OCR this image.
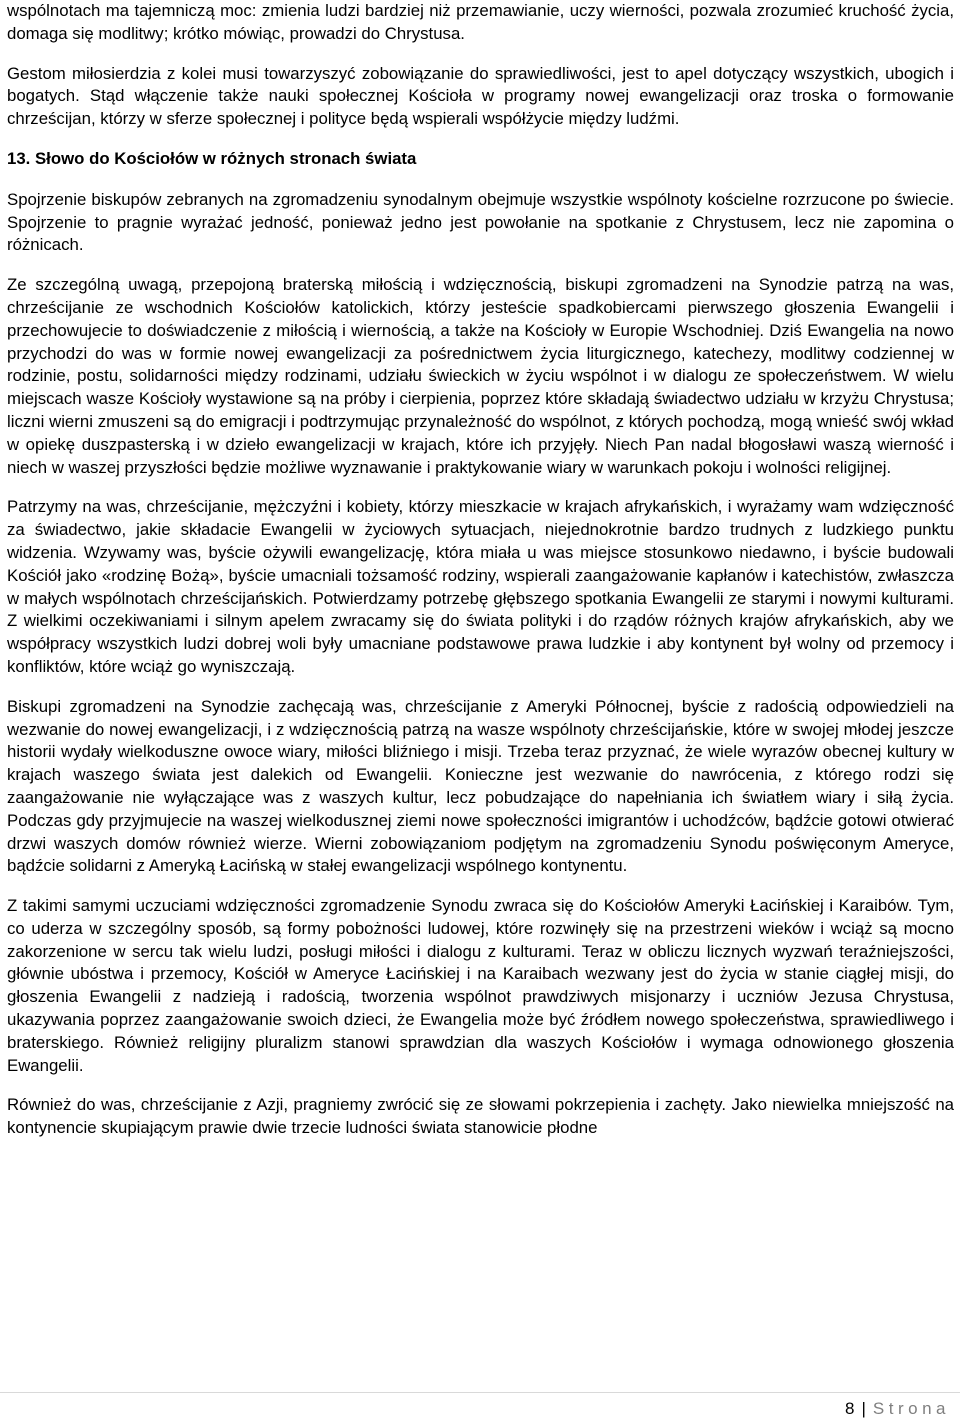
wspólnotach ma tajemniczą moc: zmienia ludzi bardziej niż przemawianie, uczy wierności, pozwala zrozumieć kruchość życia, domaga się modlitwy; krótko mówiąc, prowadzi do Chrystusa.

Gestom miłosierdzia z kolei musi towarzyszyć zobowiązanie do sprawiedliwości, jest to apel dotyczący wszystkich, ubogich i bogatych. Stąd włączenie także nauki społecznej Kościoła w programy nowej ewangelizacji oraz troska o formowanie chrześcijan, którzy w sferze społecznej i polityce będą wspierali współżycie między ludźmi.

13. Słowo do Kościołów w różnych stronach świata

Spojrzenie biskupów zebranych na zgromadzeniu synodalnym obejmuje wszystkie wspólnoty kościelne rozrzucone po świecie. Spojrzenie to pragnie wyrażać jedność, ponieważ jedno jest powołanie na spotkanie z Chrystusem, lecz nie zapomina o różnicach.

Ze szczególną uwagą, przepojoną braterską miłością i wdzięcznością, biskupi zgromadzeni na Synodzie patrzą na was, chrześcijanie ze wschodnich Kościołów katolickich, którzy jesteście spadkobiercami pierwszego głoszenia Ewangelii i przechowujecie to doświadczenie z miłością i wiernością, a także na Kościoły w Europie Wschodniej. Dziś Ewangelia na nowo przychodzi do was w formie nowej ewangelizacji za pośrednictwem życia liturgicznego, katechezy, modlitwy codziennej w rodzinie, postu, solidarności między rodzinami, udziału świeckich w życiu wspólnot i w dialogu ze społeczeństwem. W wielu miejscach wasze Kościoły wystawione są na próby i cierpienia, poprzez które składają świadectwo udziału w krzyżu Chrystusa; liczni wierni zmuszeni są do emigracji i podtrzymując przynależność do wspólnot, z których pochodzą, mogą wnieść swój wkład w opiekę duszpasterską i w dzieło ewangelizacji w krajach, które ich przyjęły. Niech Pan nadal błogosławi waszą wierność i niech w waszej przyszłości będzie możliwe wyznawanie i praktykowanie wiary w warunkach pokoju i wolności religijnej.

Patrzymy na was, chrześcijanie, mężczyźni i kobiety, którzy mieszkacie w krajach afrykańskich, i wyrażamy wam wdzięczność za świadectwo, jakie składacie Ewangelii w życiowych sytuacjach, niejednokrotnie bardzo trudnych z ludzkiego punktu widzenia. Wzywamy was, byście ożywili ewangelizację, która miała u was miejsce stosunkowo niedawno, i byście budowali Kościół jako «rodzinę Bożą», byście umacniali tożsamość rodziny, wspierali zaangażowanie kapłanów i katechistów, zwłaszcza w małych wspólnotach chrześcijańskich. Potwierdzamy potrzebę głębszego spotkania Ewangelii ze starymi i nowymi kulturami. Z wielkimi oczekiwaniami i silnym apelem zwracamy się do świata polityki i do rządów różnych krajów afrykańskich, aby we współpracy wszystkich ludzi dobrej woli były umacniane podstawowe prawa ludzkie i aby kontynent był wolny od przemocy i konfliktów, które wciąż go wyniszczają.

Biskupi zgromadzeni na Synodzie zachęcają was, chrześcijanie z Ameryki Północnej, byście z radością odpowiedzieli na wezwanie do nowej ewangelizacji, i z wdzięcznością patrzą na wasze wspólnoty chrześcijańskie, które w swojej młodej jeszcze historii wydały wielkoduszne owoce wiary, miłości bliźniego i misji. Trzeba teraz przyznać, że wiele wyrazów obecnej kultury w krajach waszego świata jest dalekich od Ewangelii. Konieczne jest wezwanie do nawrócenia, z którego rodzi się zaangażowanie nie wyłączające was z waszych kultur, lecz pobudzające do napełniania ich światłem wiary i siłą życia. Podczas gdy przyjmujecie na waszej wielkodusznej ziemi nowe społeczności imigrantów i uchodźców, bądźcie gotowi otwierać drzwi waszych domów również wierze. Wierni zobowiązaniom podjętym na zgromadzeniu Synodu poświęconym Ameryce, bądźcie solidarni z Ameryką Łacińską w stałej ewangelizacji wspólnego kontynentu.

Z takimi samymi uczuciami wdzięczności zgromadzenie Synodu zwraca się do Kościołów Ameryki Łacińskiej i Karaibów. Tym, co uderza w szczególny sposób, są formy pobożności ludowej, które rozwinęły się na przestrzeni wieków i wciąż są mocno zakorzenione w sercu tak wielu ludzi, posługi miłości i dialogu z kulturami. Teraz w obliczu licznych wyzwań teraźniejszości, głównie ubóstwa i przemocy, Kościół w Ameryce Łacińskiej i na Karaibach wezwany jest do życia w stanie ciągłej misji, do głoszenia Ewangelii z nadzieją i radością, tworzenia wspólnot prawdziwych misjonarzy i uczniów Jezusa Chrystusa, ukazywania poprzez zaangażowanie swoich dzieci, że Ewangelia może być źródłem nowego społeczeństwa, sprawiedliwego i braterskiego. Również religijny pluralizm stanowi sprawdzian dla waszych Kościołów i wymaga odnowionego głoszenia Ewangelii.

Również do was, chrześcijanie z Azji, pragniemy zwrócić się ze słowami pokrzepienia i zachęty. Jako niewielka mniejszość na kontynencie skupiającym prawie dwie trzecie ludności świata stanowicie płodne

8 | Strona
